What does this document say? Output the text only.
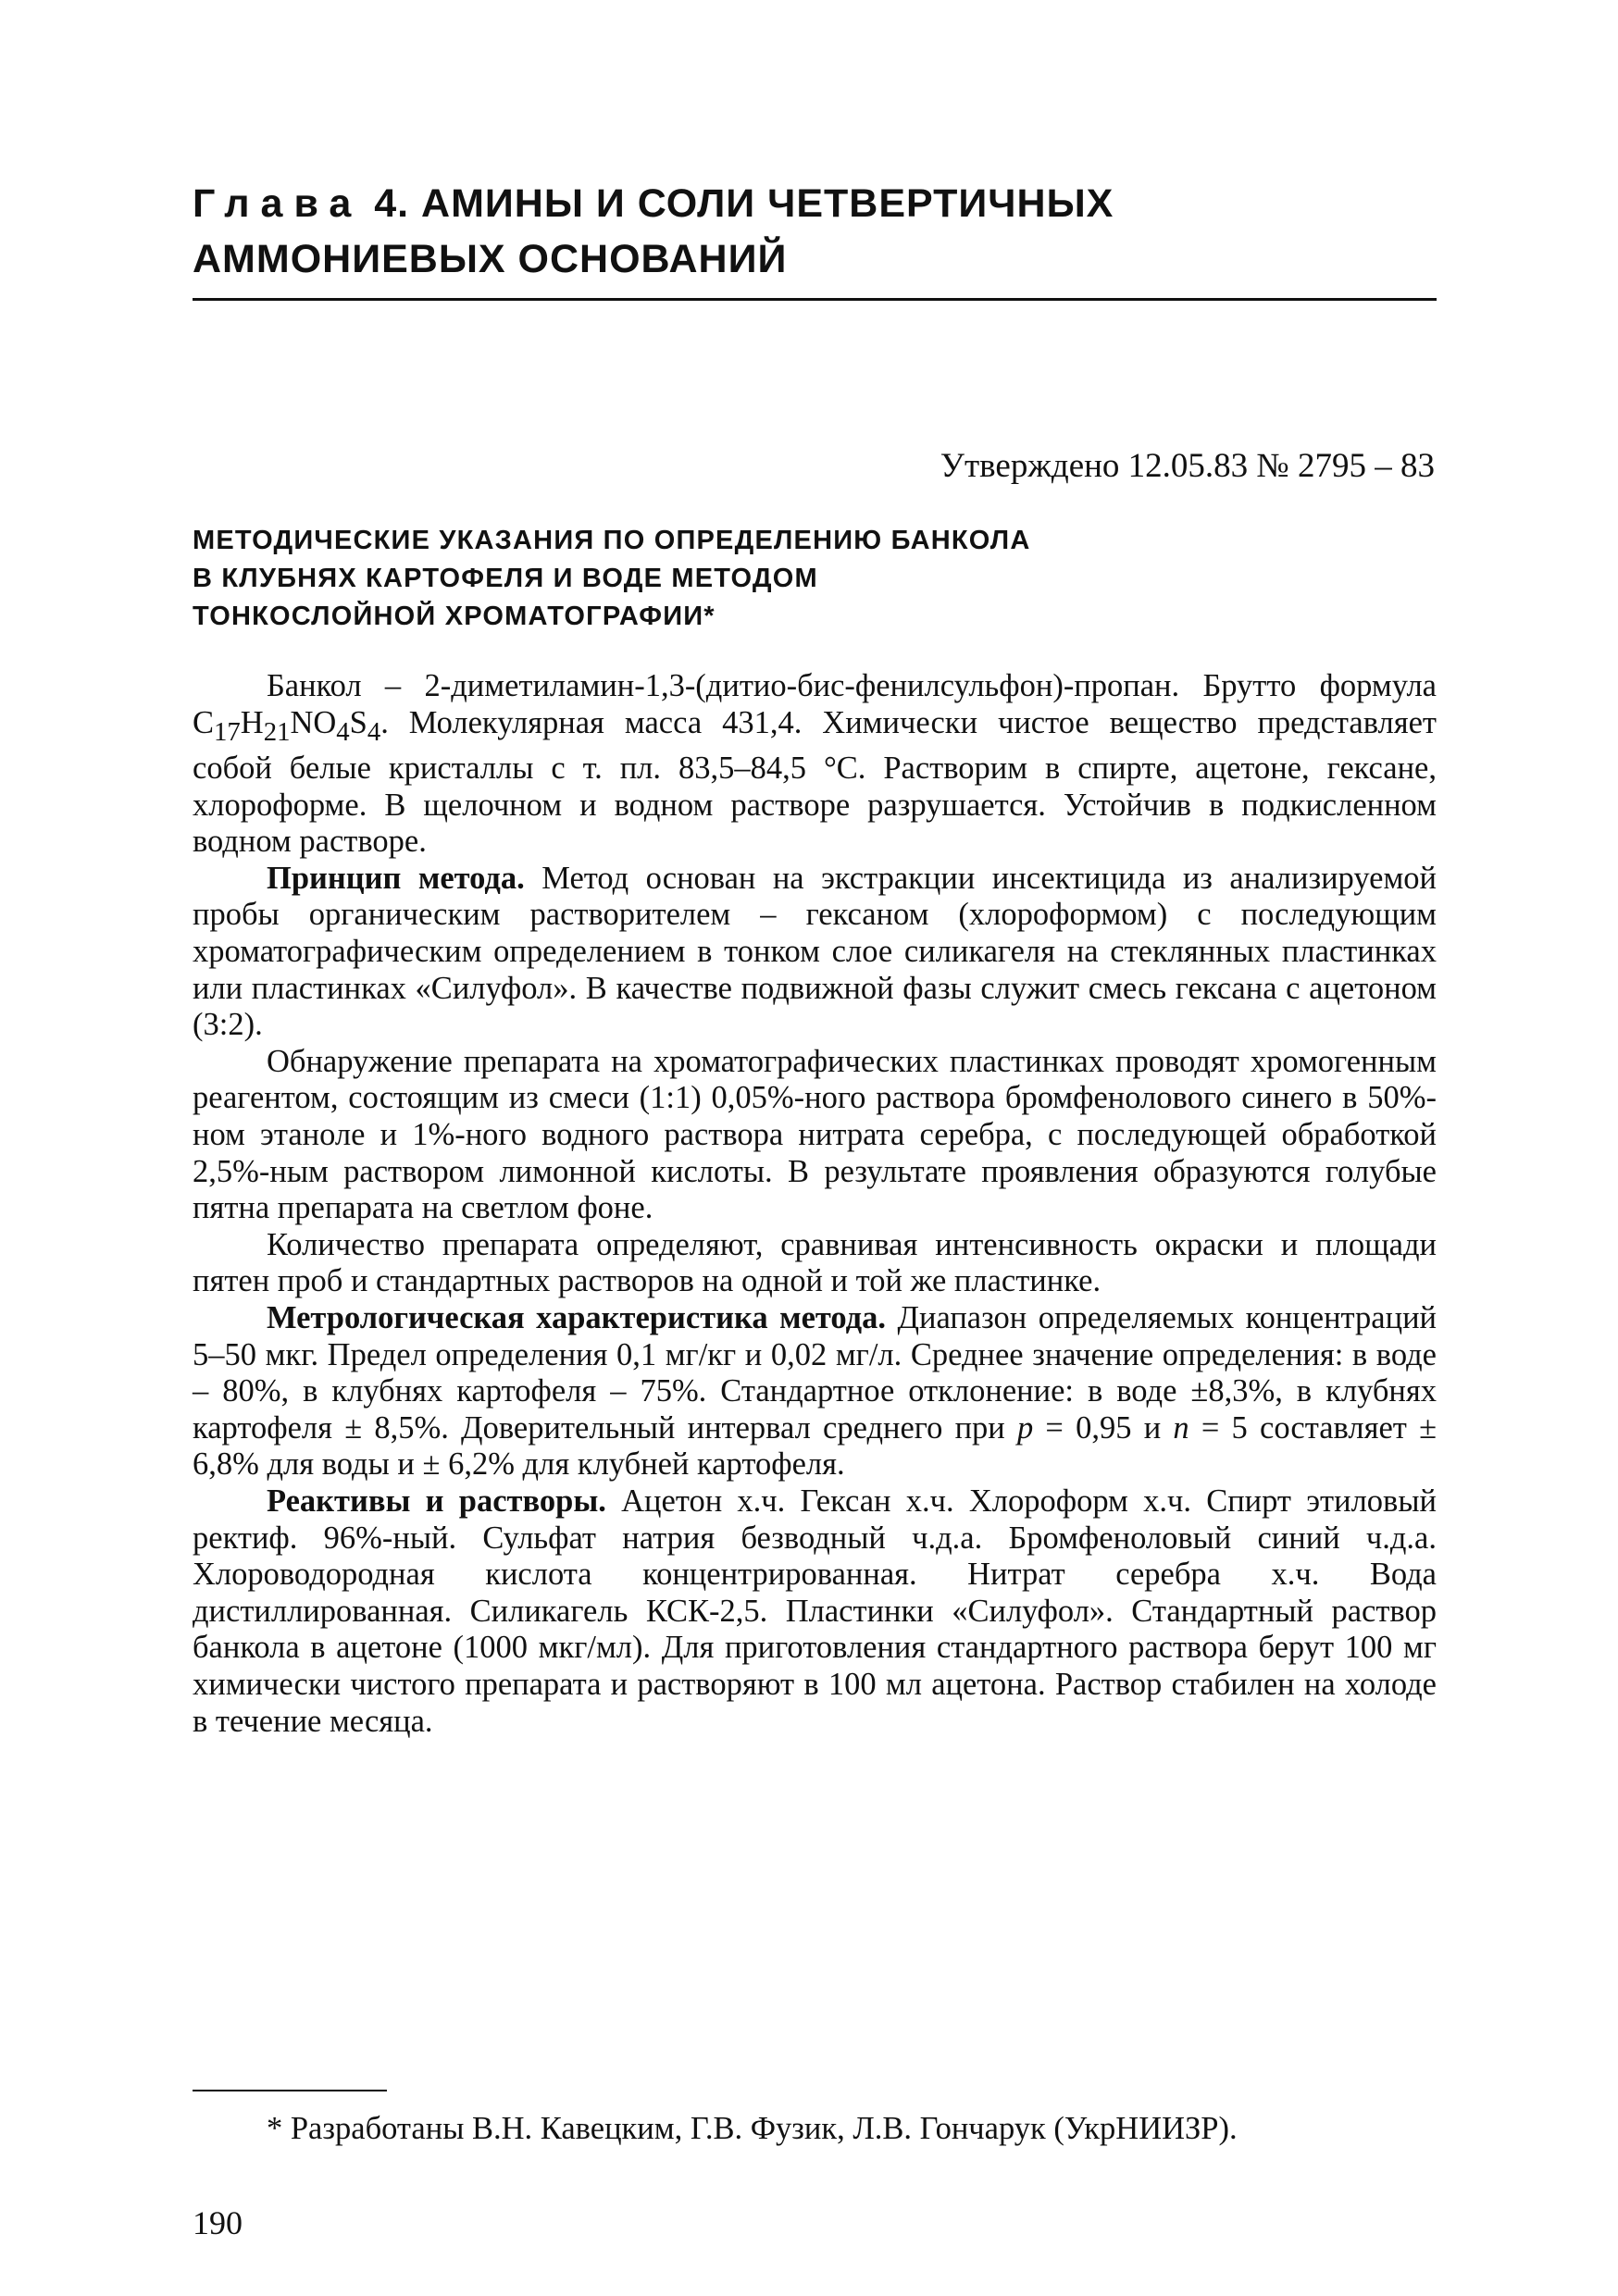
Глава 4. АМИНЫ И СОЛИ ЧЕТВЕРТИЧНЫХ
АММОНИЕВЫХ ОСНОВАНИЙ
Утверждено 12.05.83 № 2795 – 83
МЕТОДИЧЕСКИЕ УКАЗАНИЯ ПО ОПРЕДЕЛЕНИЮ БАНКОЛА
В КЛУБНЯХ КАРТОФЕЛЯ И ВОДЕ МЕТОДОМ
ТОНКОСЛОЙНОЙ ХРОМАТОГРАФИИ*

Банкол – 2-диметиламин-1,3-(дитио-бис-фенилсульфон)-пропан. Брутто формула $C_{17}H_{21}NO_4S_4$. Молекулярная масса 431,4. Химически чистое вещество представляет собой белые кристаллы с т. пл. 83,5–84,5 °С. Растворим в спирте, ацетоне, гексане, хлороформе. В щелочном и водном растворе разрушается. Устойчив в подкисленном водном растворе.

Принцип метода. Метод основан на экстракции инсектицида из анализируемой пробы органическим растворителем – гексаном (хлороформом) с последующим хроматографическим определением в тонком слое силикагеля на стеклянных пластинках или пластинках «Силуфол». В качестве подвижной фазы служит смесь гексана с ацетоном (3:2).

Обнаружение препарата на хроматографических пластинках проводят хромогенным реагентом, состоящим из смеси (1:1) 0,05%-ного раствора бромфенолового синего в 50%-ном этаноле и 1%-ного водного раствора нитрата серебра, с последующей обработкой 2,5%-ным раствором лимонной кислоты. В результате проявления образуются голубые пятна препарата на светлом фоне.

Количество препарата определяют, сравнивая интенсивность окраски и площади пятен проб и стандартных растворов на одной и той же пластинке.

Метрологическая характеристика метода. Диапазон определяемых концентраций 5–50 мкг. Предел определения 0,1 мг/кг и 0,02 мг/л. Среднее значение определения: в воде – 80%, в клубнях картофеля – 75%. Стандартное отклонение: в воде ±8,3%, в клубнях картофеля ± 8,5%. Доверительный интервал среднего при p = 0,95 и n = 5 составляет ± 6,8% для воды и ± 6,2% для клубней картофеля.

Реактивы и растворы. Ацетон х.ч. Гексан х.ч. Хлороформ х.ч. Спирт этиловый ректиф. 96%-ный. Сульфат натрия безводный ч.д.а. Бромфеноловый синий ч.д.а. Хлороводородная кислота концентрированная. Нитрат серебра х.ч. Вода дистиллированная. Силикагель КСК-2,5. Пластинки «Силуфол». Стандартный раствор банкола в ацетоне (1000 мкг/мл). Для приготовления стандартного раствора берут 100 мг химически чистого препарата и растворяют в 100 мл ацетона. Раствор стабилен на холоде в течение месяца.

* Разработаны В.Н. Кавецким, Г.В. Фузик, Л.В. Гончарук (УкрНИИЗР).
190
